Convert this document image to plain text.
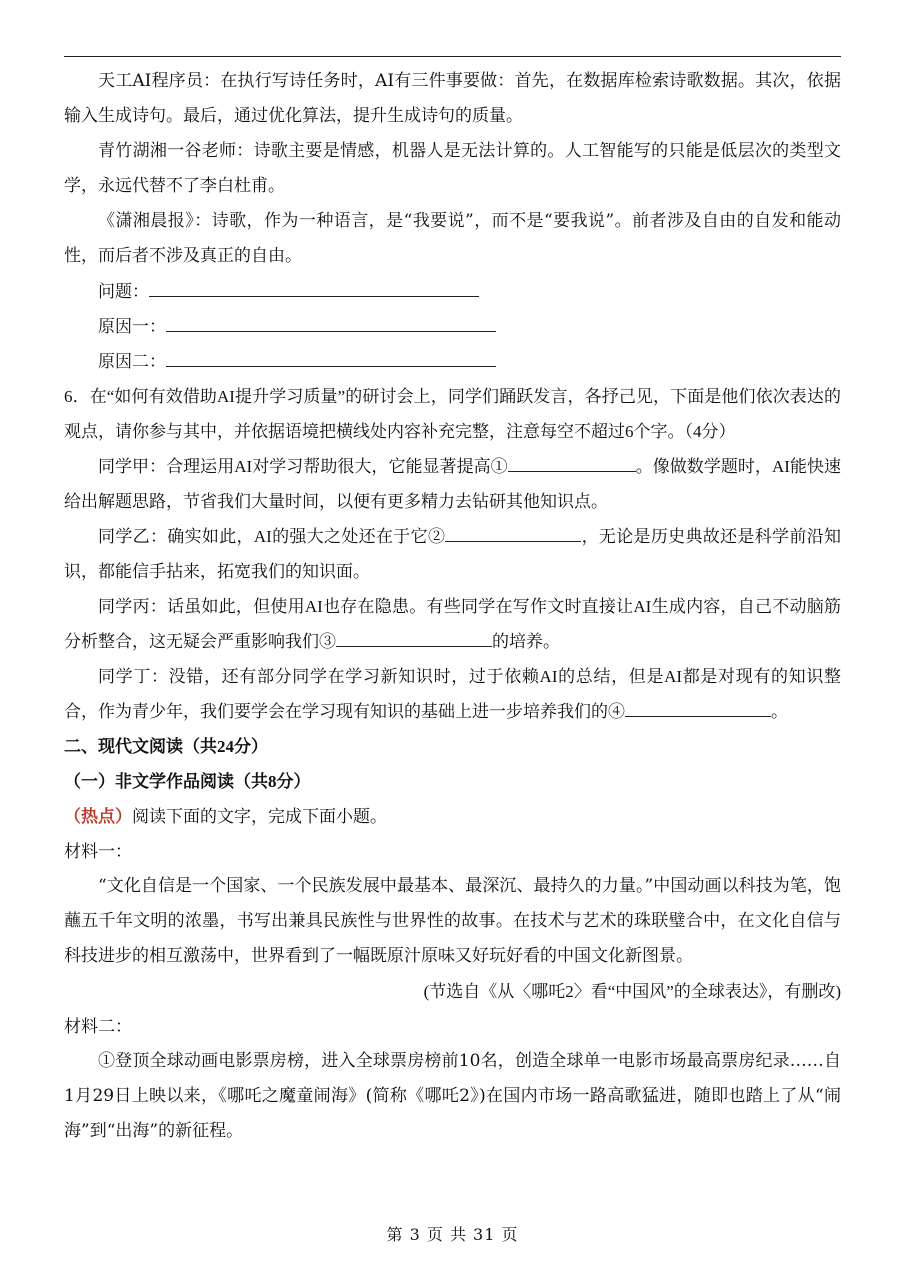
天工AI程序员：在执行写诗任务时，AI有三件事要做：首先，在数据库检索诗歌数据。其次，依据输入生成诗句。最后，通过优化算法，提升生成诗句的质量。

青竹湖湘一谷老师：诗歌主要是情感，机器人是无法计算的。人工智能写的只能是低层次的类型文学，永远代替不了李白杜甫。

《潇湘晨报》：诗歌，作为一种语言，是“我要说”，而不是“要我说”。前者涉及自由的自发和能动性，而后者不涉及真正的自由。

问题：
原因一：
原因二：

6．在“如何有效借助AI提升学习质量”的研讨会上，同学们踊跃发言，各抒己见，下面是他们依次表达的观点，请你参与其中，并依据语境把横线处内容补充完整，注意每空不超过6个字。（4分）

同学甲：合理运用AI对学习帮助很大，它能显著提高①	。像做数学题时，AI能快速给出解题思路，节省我们大量时间，以便有更多精力去钻研其他知识点。

同学乙：确实如此，AI的强大之处还在于它②	，无论是历史典故还是科学前沿知识，都能信手拈来，拓宽我们的知识面。

同学丙：话虽如此，但使用AI也存在隐患。有些同学在写作文时直接让AI生成内容，自己不动脑筋分析整合，这无疑会严重影响我们③	的培养。

同学丁：没错，还有部分同学在学习新知识时，过于依赖AI的总结，但是AI都是对现有的知识整合，作为青少年，我们要学会在学习现有知识的基础上进一步培养我们的④	。

二、现代文阅读（共24分）

（一）非文学作品阅读（共8分）

（热点）阅读下面的文字，完成下面小题。

材料一：

“文化自信是一个国家、一个民族发展中最基本、最深沉、最持久的力量。”中国动画以科技为笔，饱蘸五千年文明的浓墨，书写出兼具民族性与世界性的故事。在技术与艺术的珠联璧合中，在文化自信与科技进步的相互激荡中，世界看到了一幅既原汁原味又好玩好看的中国文化新图景。

(节选自《从〈哪吒2〉看“中国风”的全球表达》，有删改)

材料二：

①登顶全球动画电影票房榜，进入全球票房榜前10名，创造全球单一电影市场最高票房纪录……自1月29日上映以来，《哪吒之魔童闹海》(简称《哪吒2》)在国内市场一路高歌猛进，随即也踏上了从“闹海”到“出海”的新征程。

第 3 页 共 31 页
